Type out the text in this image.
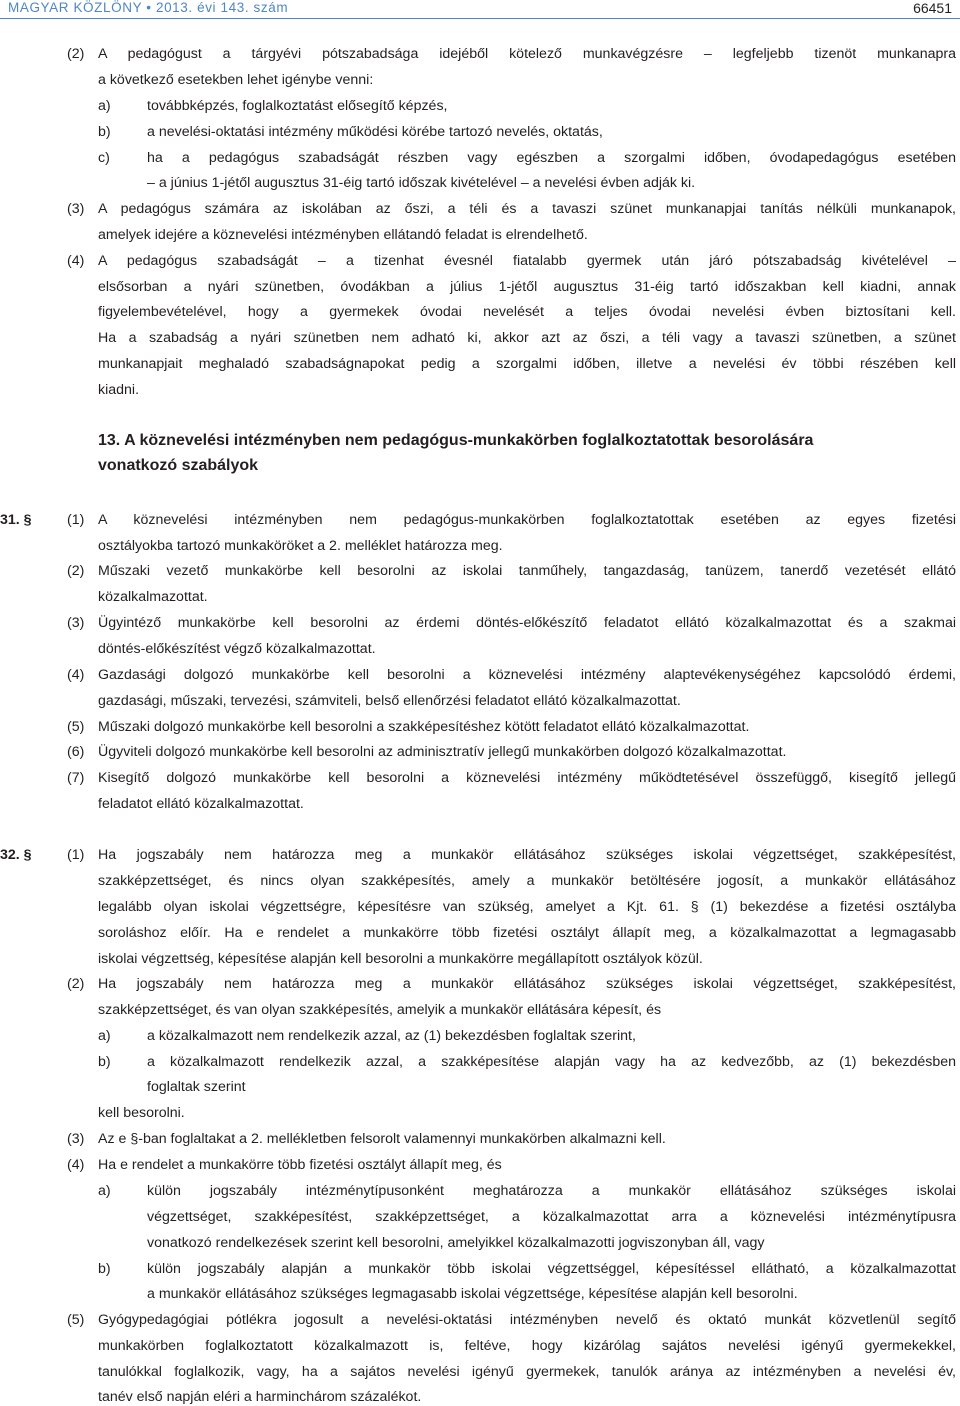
MAGYAR KÖZLÖNY • 2013. évi 143. szám	66451
(2) A pedagógust a tárgyévi pótszabadsága idejéből kötelező munkavégzésre – legfeljebb tizenöt munkanapra
a következő esetekben lehet igénybe venni:
a)	továbbképzés, foglalkoztatást elősegítő képzés,
b)	a nevelési-oktatási intézmény működési körébe tartozó nevelés, oktatás,
c)	ha a pedagógus szabadságát részben vagy egészben a szorgalmi időben, óvodapedagógus esetében
– a június 1-jétől augusztus 31-éig tartó időszak kivételével – a nevelési évben adják ki.
(3) A pedagógus számára az iskolában az őszi, a téli és a tavaszi szünet munkanapjai tanítás nélküli munkanapok,
amelyek idejére a köznevelési intézményben ellátandó feladat is elrendelhető.
(4) A pedagógus szabadságát – a tizenhat évesnél fiatalabb gyermek után járó pótszabadság kivételével –
elsősorban a nyári szünetben, óvodákban a július 1-jétől augusztus 31-éig tartó időszakban kell kiadni, annak
figyelembevételével, hogy a gyermekek óvodai nevelését a teljes óvodai nevelési évben biztosítani kell.
Ha a szabadság a nyári szünetben nem adható ki, akkor azt az őszi, a téli vagy a tavaszi szünetben, a szünet
munkanapjait meghaladó szabadságnapokat pedig a szorgalmi időben, illetve a nevelési év többi részében kell
kiadni.
13. A köznevelési intézményben nem pedagógus-munkakörben foglalkoztatottak besorolására
vonatkozó szabályok
31. § (1) A köznevelési intézményben nem pedagógus-munkakörben foglalkoztatottak esetében az egyes fizetési
osztályokba tartozó munkaköröket a 2. melléklet határozza meg.
(2) Műszaki vezető munkakörbe kell besorolni az iskolai tanműhely, tangazdaság, tanüzem, tanerdő vezetését ellátó
közalkalmazottat.
(3) Ügyintéző munkakörbe kell besorolni az érdemi döntés-előkészítő feladatot ellátó közalkalmazottat és a szakmai
döntés-előkészítést végző közalkalmazottat.
(4) Gazdasági dolgozó munkakörbe kell besorolni a köznevelési intézmény alaptevékenységéhez kapcsolódó érdemi,
gazdasági, műszaki, tervezési, számviteli, belső ellenőrzési feladatot ellátó közalkalmazottat.
(5) Műszaki dolgozó munkakörbe kell besorolni a szakképesítéshez kötött feladatot ellátó közalkalmazottat.
(6) Ügyviteli dolgozó munkakörbe kell besorolni az adminisztratív jellegű munkakörben dolgozó közalkalmazottat.
(7) Kisegítő dolgozó munkakörbe kell besorolni a köznevelési intézmény működtetésével összefüggő, kisegítő jellegű
feladatot ellátó közalkalmazottat.
32. § (1) Ha jogszabály nem határozza meg a munkakör ellátásához szükséges iskolai végzettséget, szakképesítést,
szakképzettséget, és nincs olyan szakképesítés, amely a munkakör betöltésére jogosít, a munkakör ellátásához
legalább olyan iskolai végzettségre, képesítésre van szükség, amelyet a Kjt. 61. § (1) bekezdése a fizetési osztályba
soroláshoz előír. Ha e rendelet a munkakörre több fizetési osztályt állapít meg, a közalkalmazottat a legmagasabb
iskolai végzettség, képesítése alapján kell besorolni a munkakörre megállapított osztályok közül.
(2) Ha jogszabály nem határozza meg a munkakör ellátásához szükséges iskolai végzettséget, szakképesítést,
szakképzettséget, és van olyan szakképesítés, amelyik a munkakör ellátására képesít, és
a)	a közalkalmazott nem rendelkezik azzal, az (1) bekezdésben foglaltak szerint,
b)	a közalkalmazott rendelkezik azzal, a szakképesítése alapján vagy ha az kedvezőbb, az (1) bekezdésben
foglaltak szerint
kell besorolni.
(3) Az e §-ban foglaltakat a 2. mellékletben felsorolt valamennyi munkakörben alkalmazni kell.
(4) Ha e rendelet a munkakörre több fizetési osztályt állapít meg, és
a)	külön jogszabály intézménytípusonként meghatározza a munkakör ellátásához szükséges iskolai
végzettséget, szakképesítést, szakképzettséget, a közalkalmazottat arra a köznevelési intézménytípusra
vonatkozó rendelkezések szerint kell besorolni, amelyikkel közalkalmazotti jogviszonyban áll, vagy
b)	külön jogszabály alapján a munkakör több iskolai végzettséggel, képesítéssel ellátható, a közalkalmazottat
a munkakör ellátásához szükséges legmagasabb iskolai végzettsége, képesítése alapján kell besorolni.
(5) Gyógypedagógiai pótlékra jogosult a nevelési-oktatási intézményben nevelő és oktató munkát közvetlenül segítő
munkakörben foglalkoztatott közalkalmazott is, feltéve, hogy kizárólag sajátos nevelési igényű gyermekekkel,
tanulókkal foglalkozik, vagy, ha a sajátos nevelési igényű gyermekek, tanulók aránya az intézményben a nevelési év,
tanév első napján eléri a harminchárom százalékot.
